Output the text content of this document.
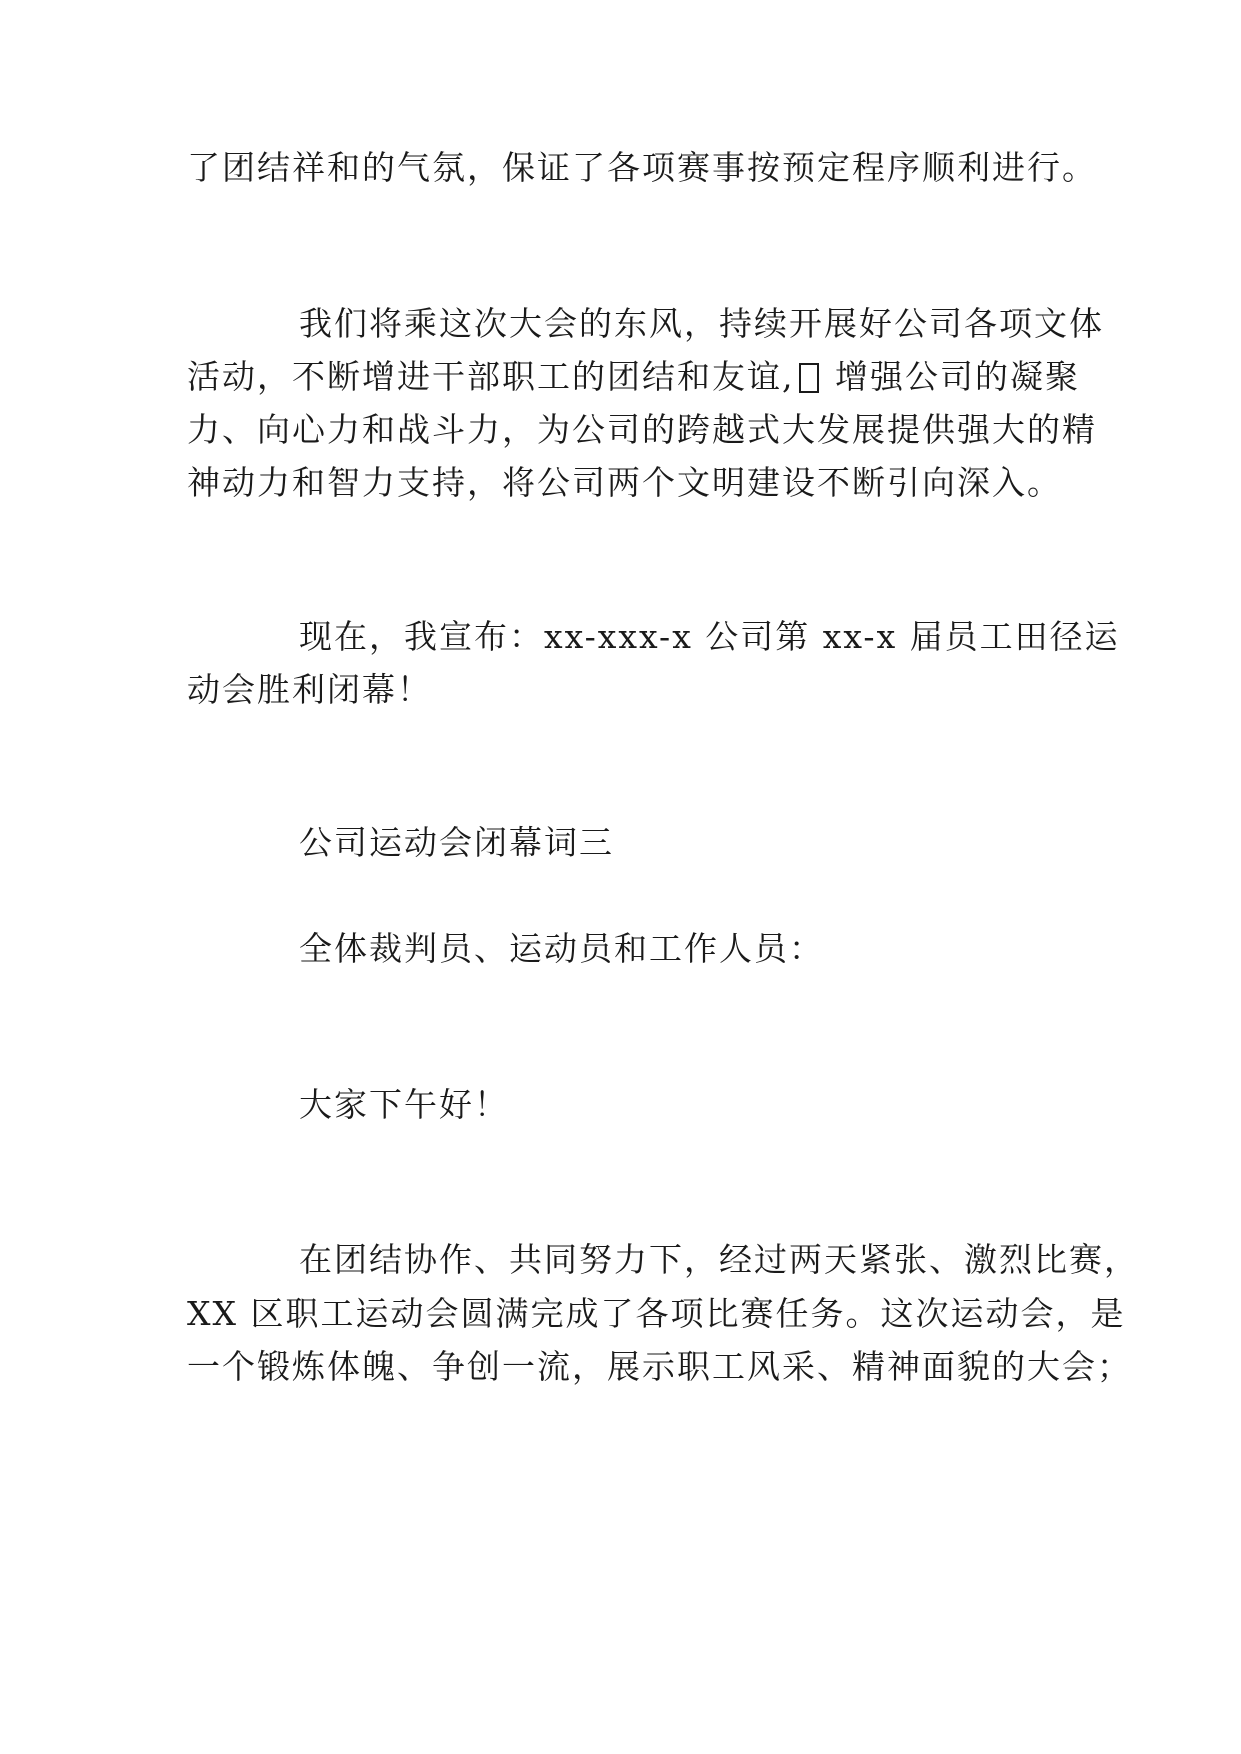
了团结祥和的气氛，保证了各项赛事按预定程序顺利进行。
我们将乘这次大会的东风，持续开展好公司各项文体
活动，不断增进干部职工的团结和友谊, 增强公司的凝聚
力、向心力和战斗力，为公司的跨越式大发展提供强大的精
神动力和智力支持，将公司两个文明建设不断引向深入。
现在，我宣布：xx-xxx-x 公司第 xx-x 届员工田径运
动会胜利闭幕！
公司运动会闭幕词三
全体裁判员、运动员和工作人员：
大家下午好！
在团结协作、共同努力下，经过两天紧张、激烈比赛，
XX 区职工运动会圆满完成了各项比赛任务。这次运动会，是
一个锻炼体魄、争创一流，展示职工风采、精神面貌的大会；
